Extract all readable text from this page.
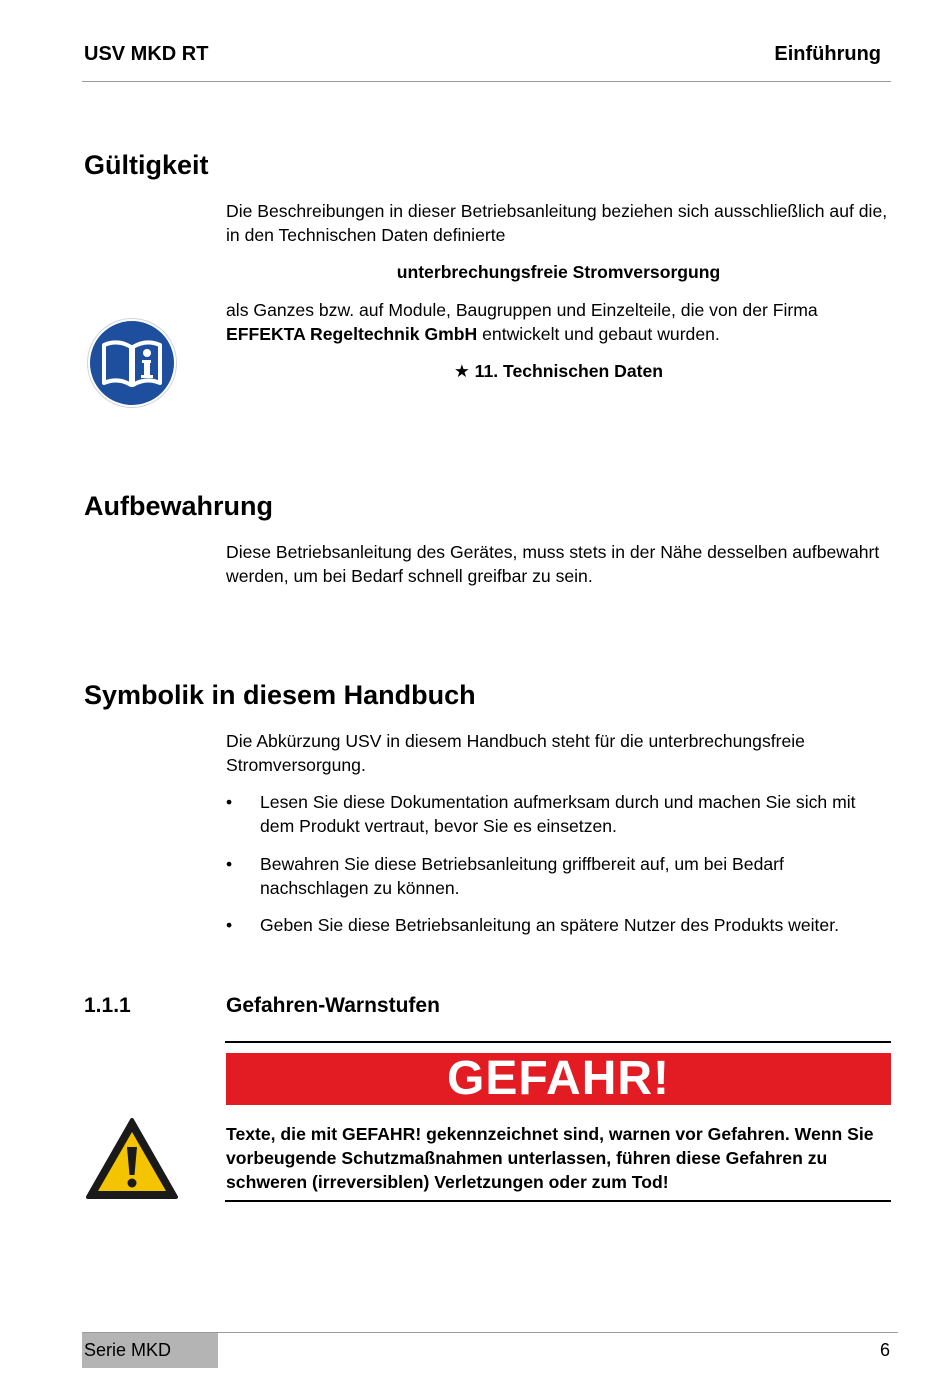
USV MKD RT	Einführung
Gültigkeit
Die Beschreibungen in dieser Betriebsanleitung beziehen sich ausschließlich auf die, in den Technischen Daten definierte
unterbrechungsfreie Stromversorgung
als Ganzes bzw. auf Module, Baugruppen und Einzelteile, die von der Firma EFFEKTA Regeltechnik GmbH entwickelt und gebaut wurden.
★ 11. Technischen Daten
Aufbewahrung
Diese Betriebsanleitung des Gerätes, muss stets in der Nähe desselben aufbewahrt werden, um bei Bedarf schnell greifbar zu sein.
Symbolik in diesem Handbuch
Die Abkürzung USV in diesem Handbuch steht für die unterbrechungsfreie Stromversorgung.
• Lesen Sie diese Dokumentation aufmerksam durch und machen Sie sich mit dem Produkt vertraut, bevor Sie es einsetzen.
• Bewahren Sie diese Betriebsanleitung griffbereit auf, um bei Bedarf nachschlagen zu können.
• Geben Sie diese Betriebsanleitung an spätere Nutzer des Produkts weiter.
1.1.1	Gefahren-Warnstufen
GEFAHR!
Texte, die mit GEFAHR! gekennzeichnet sind, warnen vor Gefahren. Wenn Sie vorbeugende Schutzmaßnahmen unterlassen, führen diese Gefahren zu schweren (irreversiblen) Verletzungen oder zum Tod!
Serie MKD	6
